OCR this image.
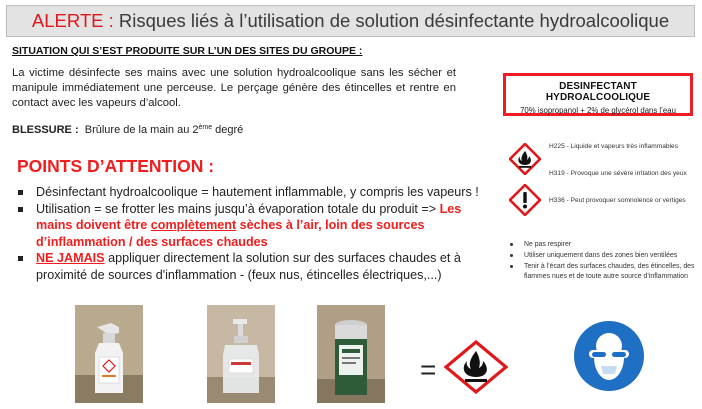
ALERTE :
Risques liés à l’utilisation de solution désinfectante hydroalcoolique
SITUATION QUI S’EST PRODUITE SUR L’UN DES SITES DU GROUPE :
La victime désinfecte ses mains avec une solution hydroalcoolique sans les sécher et manipule immédiatement une perceuse. Le perçage génère des étincelles et rentre en contact avec les vapeurs d’alcool.
BLESSURE : Brûlure de la main au 2ème degré
POINTS D’ATTENTION :
Désinfectant hydroalcoolique = hautement inflammable, y compris les vapeurs !
Utilisation = se frotter les mains jusqu’à évaporation totale du produit => Les mains doivent être complètement sèches à l’air, loin des sources d’inflammation / des surfaces chaudes
NE JAMAIS appliquer directement la solution sur des surfaces chaudes et à proximité de sources d'inflammation - (feux nus, étincelles électriques,...)
DESINFECTANT HYDROALCOOLIQUE
70% isopropanol + 2% de glycérol dans l’eau
H225 - Liquide et vapeurs très inflammables
H319 - Provoque une sévère irritation des yeux
H336 - Peut provoquer somnolence or vertiges
Ne pas respirer
Utiliser uniquement dans des zones bien ventilées
Tenir à l’écart des surfaces chaudes, des étincelles, des flammes nues et de toute autre source d’inflammation
=
